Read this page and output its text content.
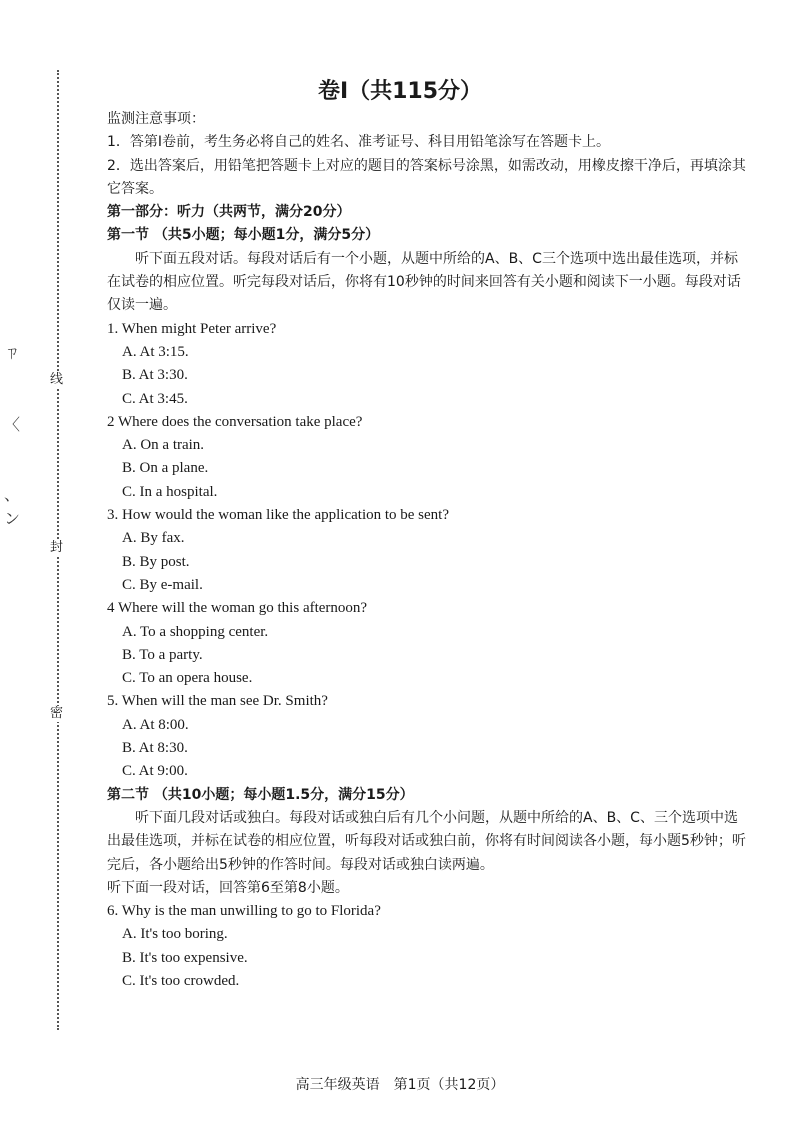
线
封
密
ㄗ
〈
、
ン
卷Ⅰ（共115分）

监测注意事项：

1．答第Ⅰ卷前，考生务必将自己的姓名、准考证号、科目用铅笔涂写在答题卡上。

2．选出答案后，用铅笔把答题卡上对应的题目的答案标号涂黑，如需改动，用橡皮擦干净后，再填涂其它答案。

第一部分：听力（共两节，满分20分）

第一节 （共5小题；每小题1分，满分5分）

听下面五段对话。每段对话后有一个小题，从题中所给的A、B、C三个选项中选出最佳选项，并标在试卷的相应位置。听完每段对话后，你将有10秒钟的时间来回答有关小题和阅读下一小题。每段对话仅读一遍。

1. When might Peter arrive?

A. At 3:15.

B. At 3:30.

C. At 3:45.

2 Where does the conversation take place?

A. On a train.

B. On a plane.

C. In a hospital.

3. How would the woman like the application to be sent?

A. By fax.

B. By post.

C. By e-mail.

4 Where will the woman go this afternoon?

A. To a shopping center.

B. To a party.

C. To an opera house.

5. When will the man see Dr. Smith?

A. At 8:00.

B. At 8:30.

C. At 9:00.

第二节 （共10小题；每小题1.5分，满分15分）

听下面几段对话或独白。每段对话或独白后有几个小问题，从题中所给的A、B、C、三个选项中选出最佳选项，并标在试卷的相应位置，听每段对话或独白前，你将有时间阅读各小题，每小题5秒钟；听完后，各小题给出5秒钟的作答时间。每段对话或独白读两遍。

听下面一段对话，回答第6至第8小题。

6. Why is the man unwilling to go to Florida?

A. It's too boring.

B. It's too expensive.

C. It's too crowded.

高三年级英语　第1页（共12页）
